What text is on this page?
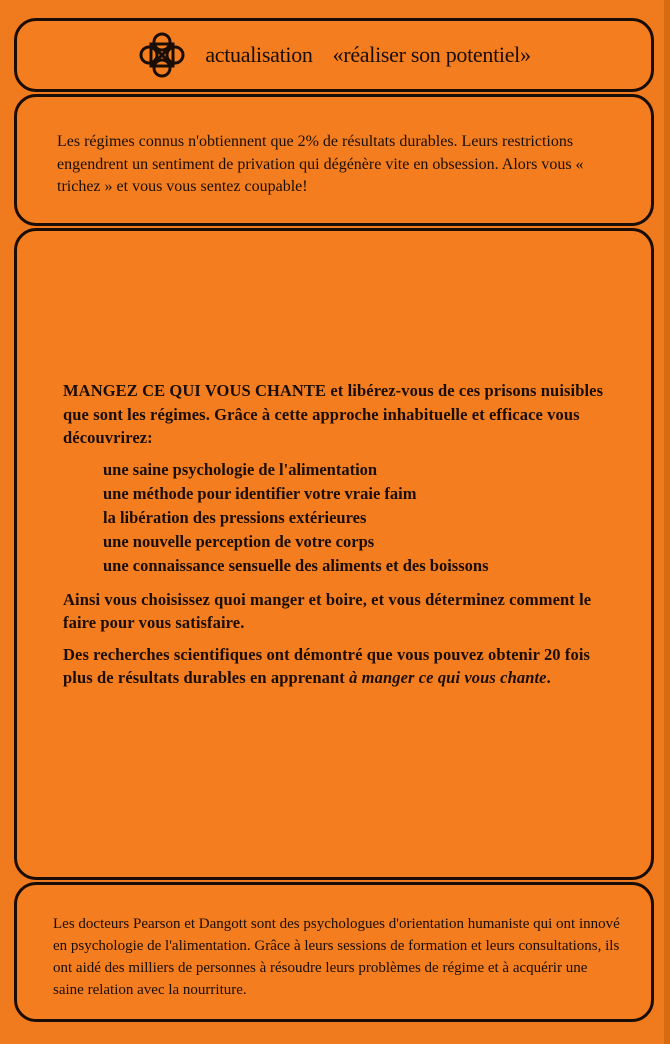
actualisation «réaliser son potentiel»

Les régimes connus n'obtiennent que 2% de résultats durables. Leurs restrictions engendrent un sentiment de privation qui dégénère vite en obsession. Alors vous « trichez » et vous vous sentez coupable!

MANGEZ CE QUI VOUS CHANTE et libérez-vous de ces prisons nuisibles que sont les régimes. Grâce à cette approche inhabituelle et efficace vous découvrirez:

une saine psychologie de l'alimentation
une méthode pour identifier votre vraie faim
la libération des pressions extérieures
une nouvelle perception de votre corps
une connaissance sensuelle des aliments et des boissons

Ainsi vous choisissez quoi manger et boire, et vous déterminez comment le faire pour vous satisfaire.

Des recherches scientifiques ont démontré que vous pouvez obtenir 20 fois plus de résultats durables en apprenant à manger ce qui vous chante.

Les docteurs Pearson et Dangott sont des psychologues d'orientation humaniste qui ont innové en psychologie de l'alimentation. Grâce à leurs sessions de formation et leurs consultations, ils ont aidé des milliers de personnes à résoudre leurs problèmes de régime et à acquérir une saine relation avec la nourriture.
